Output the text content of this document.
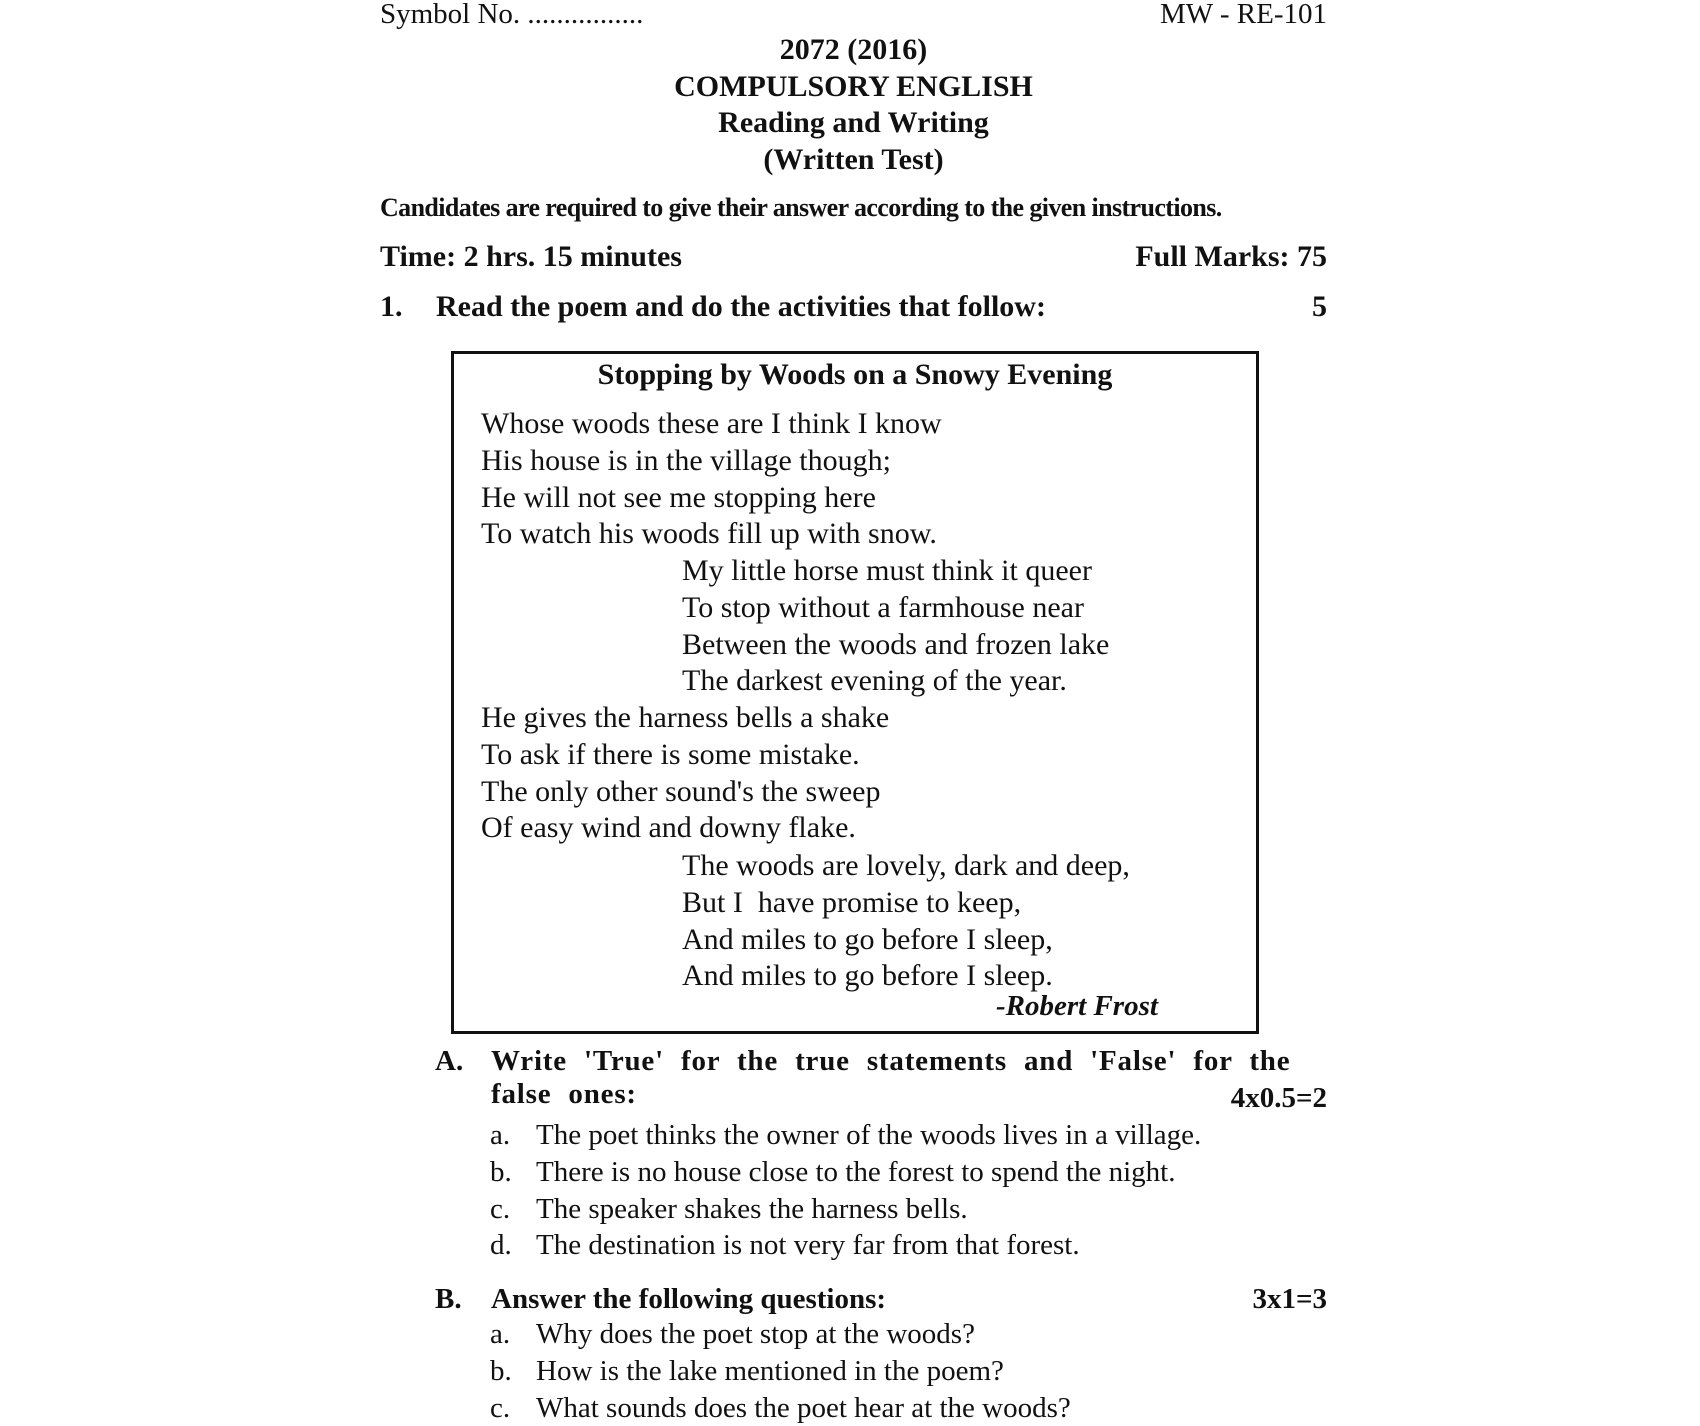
Symbol No. ................	MW - RE-101
2072 (2016)
COMPULSORY ENGLISH
Reading and Writing
(Written Test)
Candidates are required to give their answer according to the given instructions.
Time: 2 hrs. 15 minutes	Full Marks: 75
1. Read the poem and do the activities that follow:	5
Stopping by Woods on a Snowy Evening
Whose woods these are I think I know
His house is in the village though;
He will not see me stopping here
To watch his woods fill up with snow.
My little horse must think it queer
To stop without a farmhouse near
Between the woods and frozen lake
The darkest evening of the year.
He gives the harness bells a shake
To ask if there is some mistake.
The only other sound's the sweep
Of easy wind and downy flake.
The woods are lovely, dark and deep,
But I  have promise to keep,
And miles to go before I sleep,
And miles to go before I sleep.
-Robert Frost
A. Write 'True' for the true statements and 'False' for the false ones:	4x0.5=2
a. The poet thinks the owner of the woods lives in a village.
b. There is no house close to the forest to spend the night.
c. The speaker shakes the harness bells.
d. The destination is not very far from that forest.
B. Answer the following questions:	3x1=3
a. Why does the poet stop at the woods?
b. How is the lake mentioned in the poem?
c. What sounds does the poet hear at the woods?
